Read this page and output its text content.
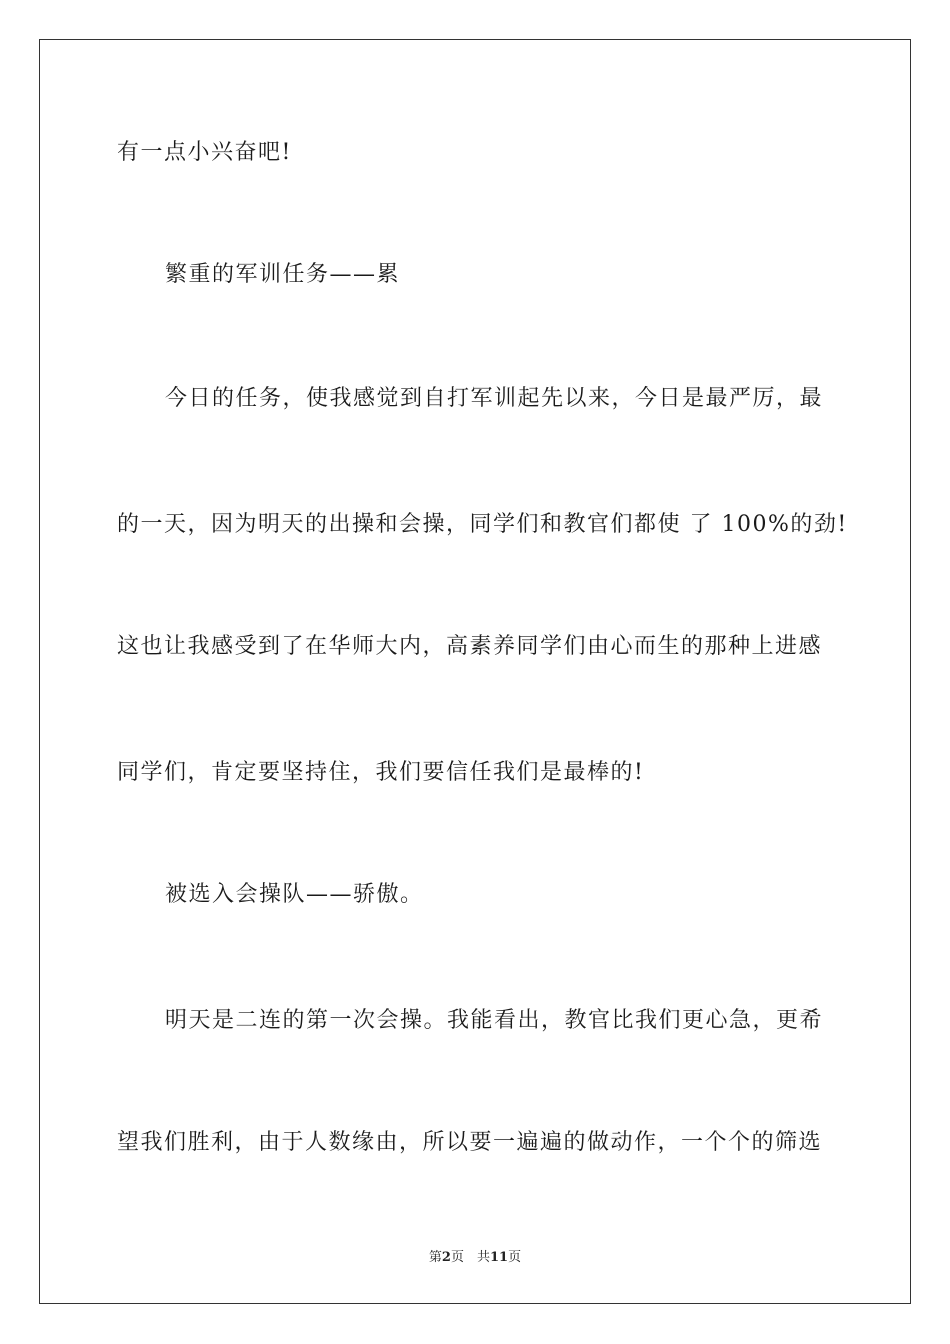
有一点小兴奋吧!
繁重的军训任务——累
今日的任务，使我感觉到自打军训起先以来，今日是最严厉，最
的一天，因为明天的出操和会操，同学们和教官们都使 了 100%的劲!
这也让我感受到了在华师大内，高素养同学们由心而生的那种上进感
同学们，肯定要坚持住，我们要信任我们是最棒的!
被选入会操队——骄傲。
明天是二连的第一次会操。我能看出，教官比我们更心急，更希
望我们胜利，由于人数缘由，所以要一遍遍的做动作，一个个的筛选
第2页　共11页
